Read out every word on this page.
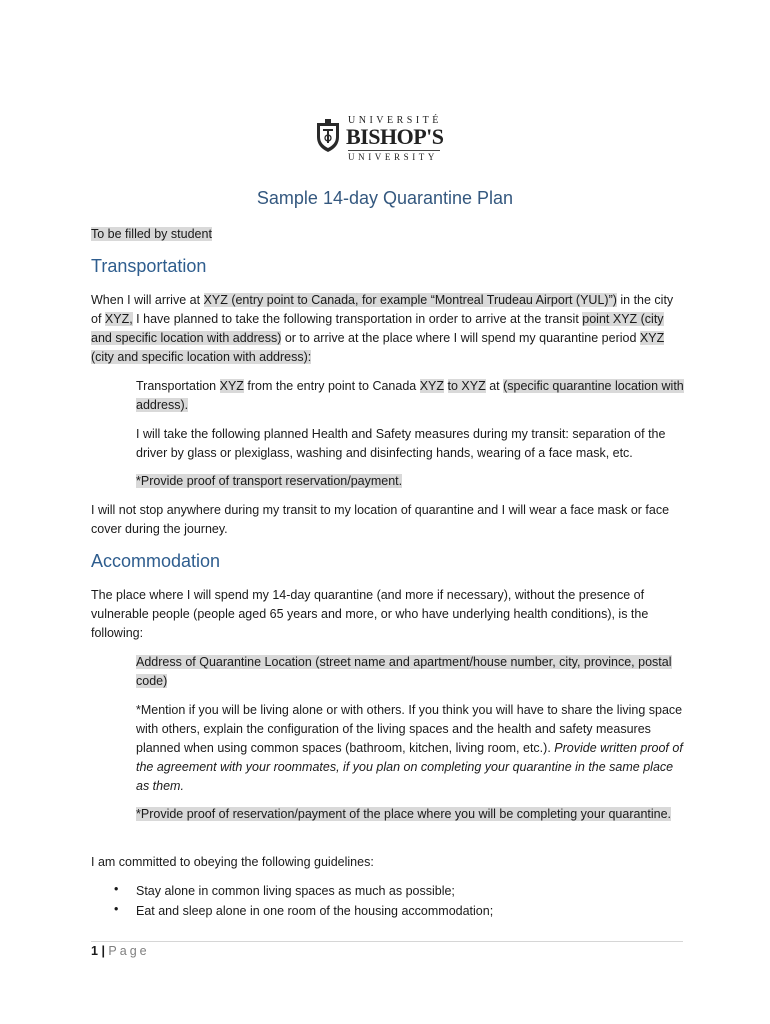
UNIVERSITÉ
BISHOP'S
UNIVERSITY
Sample 14-day Quarantine Plan
To be filled by student
Transportation

When I will arrive at XYZ (entry point to Canada, for example “Montreal Trudeau Airport (YUL)”) in the city of XYZ, I have planned to take the following transportation in order to arrive at the transit point XYZ (city and specific location with address) or to arrive at the place where I will spend my quarantine period XYZ (city and specific location with address):

Transportation XYZ from the entry point to Canada XYZ to XYZ at (specific quarantine location with address).

I will take the following planned Health and Safety measures during my transit: separation of the driver by glass or plexiglass, washing and disinfecting hands, wearing of a face mask, etc.

*Provide proof of transport reservation/payment.

I will not stop anywhere during my transit to my location of quarantine and I will wear a face mask or face cover during the journey.

Accommodation

The place where I will spend my 14-day quarantine (and more if necessary), without the presence of vulnerable people (people aged 65 years and more, or who have underlying health conditions), is the following:

Address of Quarantine Location (street name and apartment/house number, city, province, postal code)

*Mention if you will be living alone or with others. If you think you will have to share the living space with others, explain the configuration of the living spaces and the health and safety measures planned when using common spaces (bathroom, kitchen, living room, etc.). Provide written proof of the agreement with your roommates, if you plan on completing your quarantine in the same place as them.

*Provide proof of reservation/payment of the place where you will be completing your quarantine.

I am committed to obeying the following guidelines:

•	Stay alone in common living spaces as much as possible;
•	Eat and sleep alone in one room of the housing accommodation;
1 | Page
